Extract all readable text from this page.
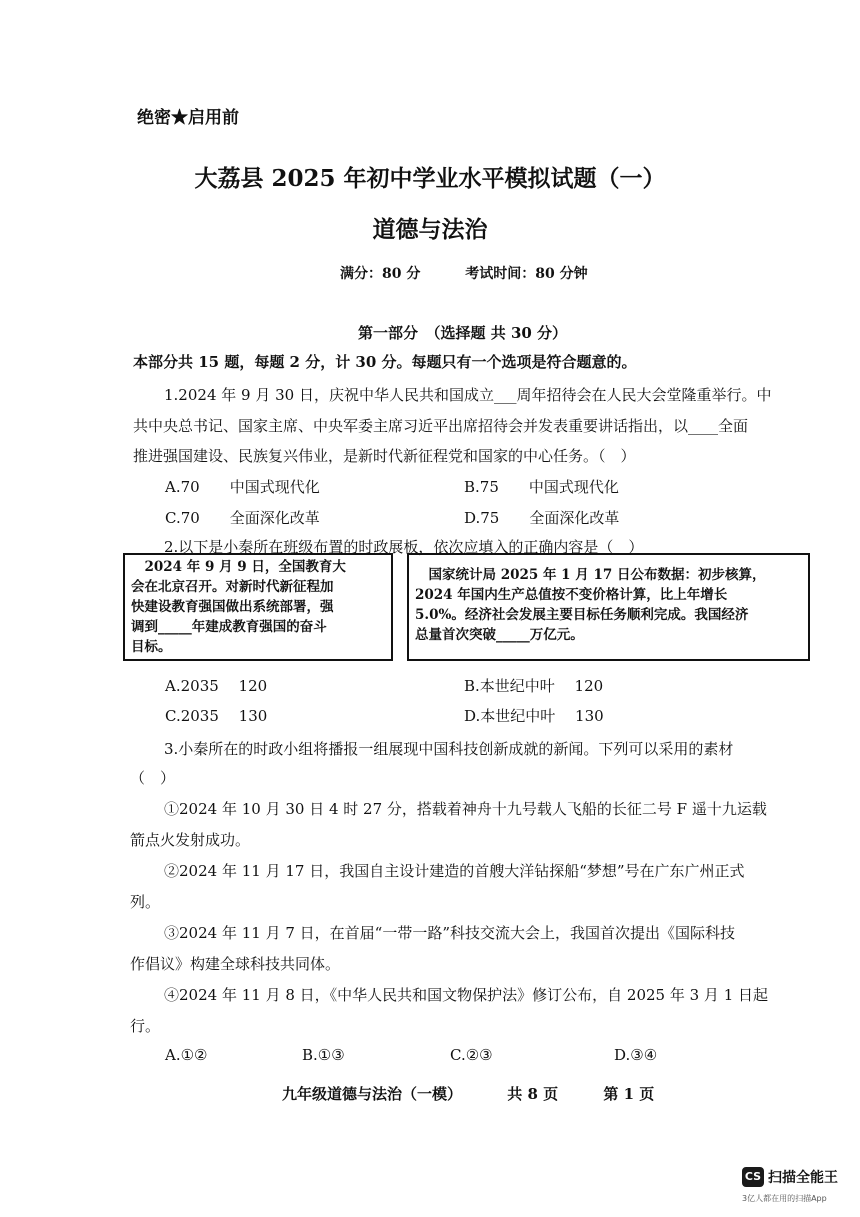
绝密★启用前
大荔县 2025 年初中学业水平模拟试题（一）
道德与法治
满分：80 分	考试时间：80 分钟
第一部分　（选择题 共 30 分）
本部分共 15 题，每题 2 分，计 30 分。每题只有一个选项是符合题意的。
1.2024 年 9 月 30 日，庆祝中华人民共和国成立___周年招待会在人民大会堂隆重举行。中
共中央总书记、国家主席、中央军委主席习近平出席招待会并发表重要讲话指出，以____全面
推进强国建设、民族复兴伟业，是新时代新征程党和国家的中心任务。（　）
A.70　　中国式现代化	B.75　　中国式现代化
C.70　　全面深化改革	D.75　　全面深化改革
2.以下是小秦所在班级布置的时政展板，依次应填入的正确内容是（　）
　2024 年 9 月 9 日，全国教育大
会在北京召开。对新时代新征程加
快建设教育强国做出系统部署，强
调到_____年建成教育强国的奋斗
目标。
　国家统计局 2025 年 1 月 17 日公布数据：初步核算，
2024 年国内生产总值按不变价格计算，比上年增长
5.0%。经济社会发展主要目标任务顺利完成。我国经济
总量首次突破_____万亿元。
A.2035　 120	B.本世纪中叶　 120
C.2035　 130	D.本世纪中叶　 130
3.小秦所在的时政小组将播报一组展现中国科技创新成就的新闻。下列可以采用的素材
（　）
①2024 年 10 月 30 日 4 时 27 分，搭载着神舟十九号载人飞船的长征二号 F 遥十九运载
箭点火发射成功。
②2024 年 11 月 17 日，我国自主设计建造的首艘大洋钻探船“梦想”号在广东广州正式
列。
③2024 年 11 月 7 日，在首届“一带一路”科技交流大会上，我国首次提出《国际科技
作倡议》构建全球科技共同体。
④2024 年 11 月 8 日，《中华人民共和国文物保护法》修订公布，自 2025 年 3 月 1 日起
行。
A.①②	B.①③	C.②③	D.③④
九年级道德与法治（一模）	共 8 页	第 1 页
CS 扫描全能王
3亿人都在用的扫描App
